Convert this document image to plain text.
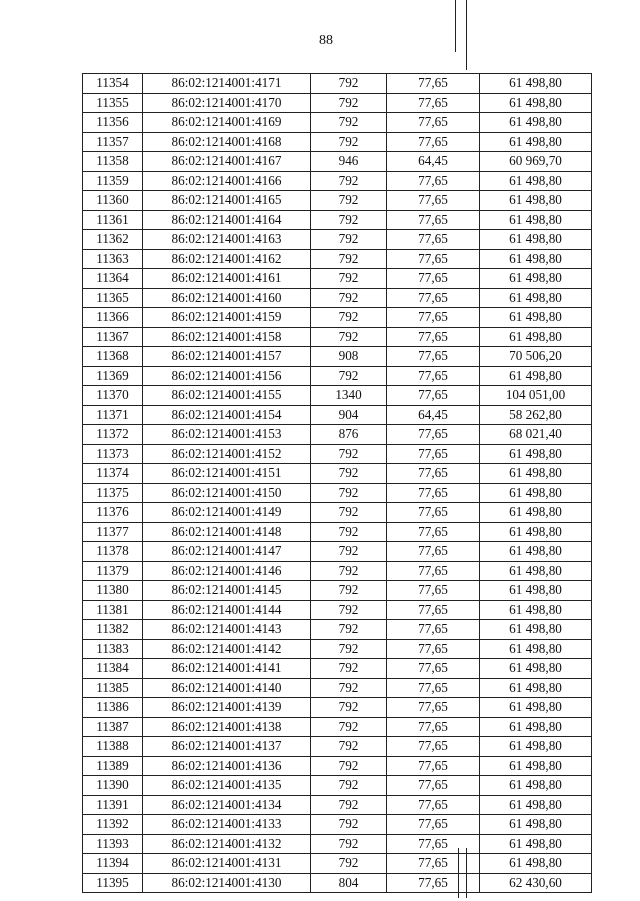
88
11354	86:02:1214001:4171	792	77,65	61 498,80
11355	86:02:1214001:4170	792	77,65	61 498,80
11356	86:02:1214001:4169	792	77,65	61 498,80
11357	86:02:1214001:4168	792	77,65	61 498,80
11358	86:02:1214001:4167	946	64,45	60 969,70
11359	86:02:1214001:4166	792	77,65	61 498,80
11360	86:02:1214001:4165	792	77,65	61 498,80
11361	86:02:1214001:4164	792	77,65	61 498,80
11362	86:02:1214001:4163	792	77,65	61 498,80
11363	86:02:1214001:4162	792	77,65	61 498,80
11364	86:02:1214001:4161	792	77,65	61 498,80
11365	86:02:1214001:4160	792	77,65	61 498,80
11366	86:02:1214001:4159	792	77,65	61 498,80
11367	86:02:1214001:4158	792	77,65	61 498,80
11368	86:02:1214001:4157	908	77,65	70 506,20
11369	86:02:1214001:4156	792	77,65	61 498,80
11370	86:02:1214001:4155	1340	77,65	104 051,00
11371	86:02:1214001:4154	904	64,45	58 262,80
11372	86:02:1214001:4153	876	77,65	68 021,40
11373	86:02:1214001:4152	792	77,65	61 498,80
11374	86:02:1214001:4151	792	77,65	61 498,80
11375	86:02:1214001:4150	792	77,65	61 498,80
11376	86:02:1214001:4149	792	77,65	61 498,80
11377	86:02:1214001:4148	792	77,65	61 498,80
11378	86:02:1214001:4147	792	77,65	61 498,80
11379	86:02:1214001:4146	792	77,65	61 498,80
11380	86:02:1214001:4145	792	77,65	61 498,80
11381	86:02:1214001:4144	792	77,65	61 498,80
11382	86:02:1214001:4143	792	77,65	61 498,80
11383	86:02:1214001:4142	792	77,65	61 498,80
11384	86:02:1214001:4141	792	77,65	61 498,80
11385	86:02:1214001:4140	792	77,65	61 498,80
11386	86:02:1214001:4139	792	77,65	61 498,80
11387	86:02:1214001:4138	792	77,65	61 498,80
11388	86:02:1214001:4137	792	77,65	61 498,80
11389	86:02:1214001:4136	792	77,65	61 498,80
11390	86:02:1214001:4135	792	77,65	61 498,80
11391	86:02:1214001:4134	792	77,65	61 498,80
11392	86:02:1214001:4133	792	77,65	61 498,80
11393	86:02:1214001:4132	792	77,65	61 498,80
11394	86:02:1214001:4131	792	77,65	61 498,80
11395	86:02:1214001:4130	804	77,65	62 430,60
